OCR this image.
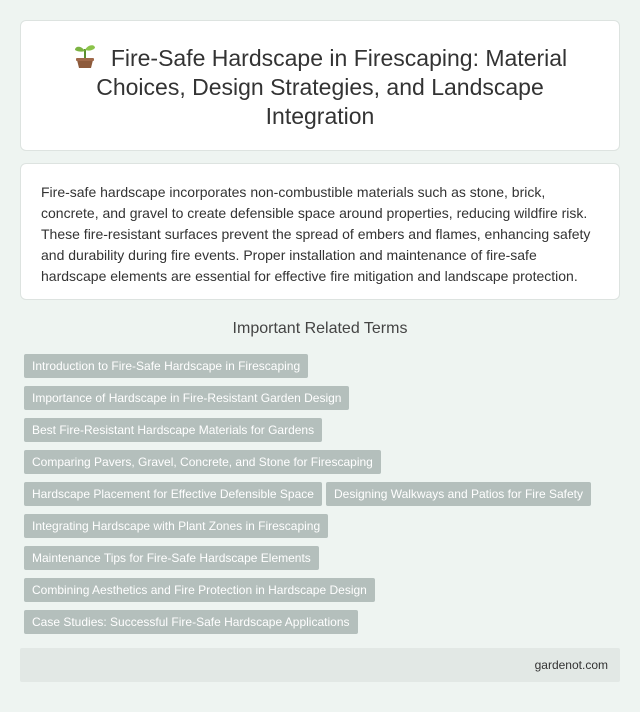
Fire-Safe Hardscape in Firescaping: Material Choices, Design Strategies, and Landscape Integration
Fire-safe hardscape incorporates non-combustible materials such as stone, brick, concrete, and gravel to create defensible space around properties, reducing wildfire risk. These fire-resistant surfaces prevent the spread of embers and flames, enhancing safety and durability during fire events. Proper installation and maintenance of fire-safe hardscape elements are essential for effective fire mitigation and landscape protection.
Important Related Terms
Introduction to Fire-Safe Hardscape in Firescaping
Importance of Hardscape in Fire-Resistant Garden Design
Best Fire-Resistant Hardscape Materials for Gardens
Comparing Pavers, Gravel, Concrete, and Stone for Firescaping
Hardscape Placement for Effective Defensible Space	Designing Walkways and Patios for Fire Safety
Integrating Hardscape with Plant Zones in Firescaping
Maintenance Tips for Fire-Safe Hardscape Elements
Combining Aesthetics and Fire Protection in Hardscape Design
Case Studies: Successful Fire-Safe Hardscape Applications
gardenot.com
